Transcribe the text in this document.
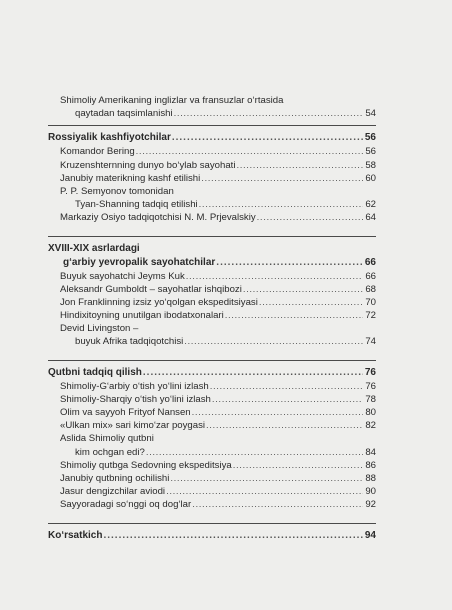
Shimoliy Amerikaning inglizlar va fransuzlar o‘rtasida
qaytadan taqsimlanishi .....	54
Rossiyalik kashfiyotchilar .....	56
Komandor Bering .....	56
Kruzenshternning dunyo bo‘ylab sayohati .....	58
Janubiy materikning kashf etilishi .....	60
P. P. Semyonov tomonidan
Tyan-Shanning tadqiq etilishi .....	62
Markaziy Osiyo tadqiqotchisi N. M. Prjevalskiy .....	64
XVIII-XIX asrlardagi
g‘arbiy yevropalik sayohatchilar .....	66
Buyuk sayohatchi Jeyms Kuk .....	66
Aleksandr Gumboldt – sayohatlar ishqibozi .....	68
Jon Franklinning izsiz yo‘qolgan ekspeditsiyasi .....	70
Hindixitoyning unutilgan ibodatxonalari .....	72
Devid Livingston –
buyuk Afrika tadqiqotchisi .....	74
Qutbni tadqiq qilish .....	76
Shimoliy-G‘arbiy o‘tish yo‘lini izlash .....	76
Shimoliy-Sharqiy o‘tish yo‘lini izlash .....	78
Olim va sayyoh Frityof Nansen .....	80
«Ulkan mix» sari kimo‘zar poygasi .....	82
Aslida Shimoliy qutbni
kim ochgan edi? .....	84
Shimoliy qutbga Sedovning ekspeditsiya .....	86
Janubiy qutbning ochilishi .....	88
Jasur dengizchilar aviodi .....	90
Sayyoradagi so‘nggi oq dog‘lar .....	92
Ko‘rsatkich .....	94
